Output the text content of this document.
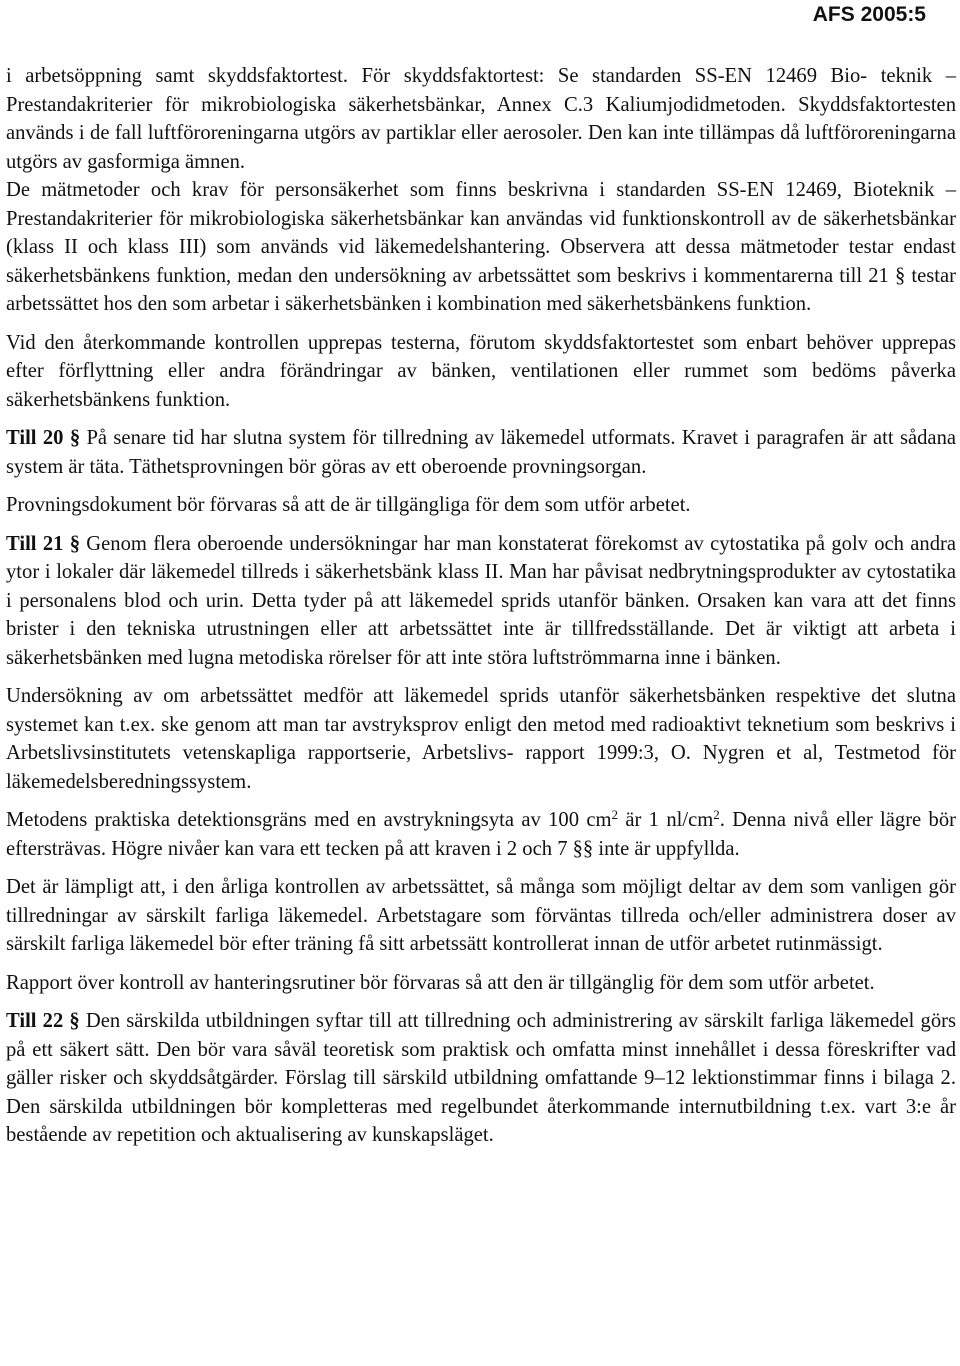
AFS 2005:5

i arbetsöppning samt skyddsfaktortest. För skyddsfaktortest: Se standarden SS-EN 12469 Bio- teknik – Prestandakriterier för mikrobiologiska säkerhetsbänkar, Annex C.3 Kaliumjodidmetoden. Skyddsfaktortesten används i de fall luftföroreningarna utgörs av partiklar eller aerosoler. Den kan inte tillämpas då luftföroreningarna utgörs av gasformiga ämnen.

De mätmetoder och krav för personsäkerhet som finns beskrivna i standarden SS-EN 12469, Bioteknik – Prestandakriterier för mikrobiologiska säkerhetsbänkar kan användas vid funktionskontroll av de säkerhetsbänkar (klass II och klass III) som används vid läkemedelshantering. Observera att dessa mätmetoder testar endast säkerhetsbänkens funktion, medan den undersökning av arbetssättet som beskrivs i kommentarerna till 21 § testar arbetssättet hos den som arbetar i säkerhetsbänken i kombination med säkerhetsbänkens funktion.

Vid den återkommande kontrollen upprepas testerna, förutom skyddsfaktortestet som enbart behöver upprepas efter förflyttning eller andra förändringar av bänken, ventilationen eller rummet som bedöms påverka säkerhetsbänkens funktion.

Till 20 § På senare tid har slutna system för tillredning av läkemedel utformats. Kravet i paragrafen är att sådana system är täta. Täthetsprovningen bör göras av ett oberoende provningsorgan.

Provningsdokument bör förvaras så att de är tillgängliga för dem som utför arbetet.

Till 21 § Genom flera oberoende undersökningar har man konstaterat förekomst av cytostatika på golv och andra ytor i lokaler där läkemedel tillreds i säkerhetsbänk klass II. Man har påvisat nedbrytningsprodukter av cytostatika i personalens blod och urin. Detta tyder på att läkemedel sprids utanför bänken. Orsaken kan vara att det finns brister i den tekniska utrustningen eller att arbetssättet inte är tillfredsställande. Det är viktigt att arbeta i säkerhetsbänken med lugna metodiska rörelser för att inte störa luftströmmarna inne i bänken.

Undersökning av om arbetssättet medför att läkemedel sprids utanför säkerhetsbänken respektive det slutna systemet kan t.ex. ske genom att man tar avstryksprov enligt den metod med radioaktivt teknetium som beskrivs i Arbetslivsinstitutets vetenskapliga rapportserie, Arbetslivs- rapport 1999:3, O. Nygren et al, Testmetod för läkemedelsberedningssystem.

Metodens praktiska detektionsgräns med en avstrykningsyta av 100 $cm^2$ är 1 $nl/cm^2$. Denna nivå eller lägre bör eftersträvas. Högre nivåer kan vara ett tecken på att kraven i 2 och 7 §§ inte är uppfyllda.

Det är lämpligt att, i den årliga kontrollen av arbetssättet, så många som möjligt deltar av dem som vanligen gör tillredningar av särskilt farliga läkemedel. Arbetstagare som förväntas tillreda och/eller administrera doser av särskilt farliga läkemedel bör efter träning få sitt arbetssätt kontrollerat innan de utför arbetet rutinmässigt.

Rapport över kontroll av hanteringsrutiner bör förvaras så att den är tillgänglig för dem som utför arbetet.

Till 22 § Den särskilda utbildningen syftar till att tillredning och administrering av särskilt farliga läkemedel görs på ett säkert sätt. Den bör vara såväl teoretisk som praktisk och omfatta minst innehållet i dessa föreskrifter vad gäller risker och skyddsåtgärder. Förslag till särskild utbildning omfattande 9–12 lektionstimmar finns i bilaga 2. Den särskilda utbildningen bör kompletteras med regelbundet återkommande internutbildning t.ex. vart 3:e år bestående av repetition och aktualisering av kunskapsläget.
